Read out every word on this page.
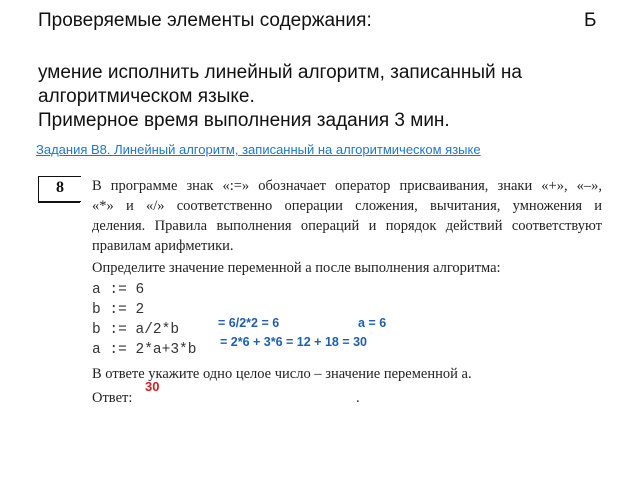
Проверяемые элементы содержания:	Б
умение исполнить линейный алгоритм, записанный на
алгоритмическом языке.
Примерное время выполнения задания 3 мин.
Задания B8. Линейный алгоритм, записанный на алгоритмическом языке
8	В программе знак «:=» обозначает оператор присваивания, знаки «+», «–»,
«*» и «/» соответственно операции сложения, вычитания, умножения и
деления. Правила выполнения операций и порядок действий соответствуют
правилам арифметики.
Определите значение переменной a после выполнения алгоритма:
a := 6
b := 2
b := a/2*b
a := 2*a+3*b
= 6/2*2 = 6	a = 6
= 2*6 + 3*6 = 12 + 18 = 30
В ответе укажите одно целое число – значение переменной a.
30
Ответ:	.
